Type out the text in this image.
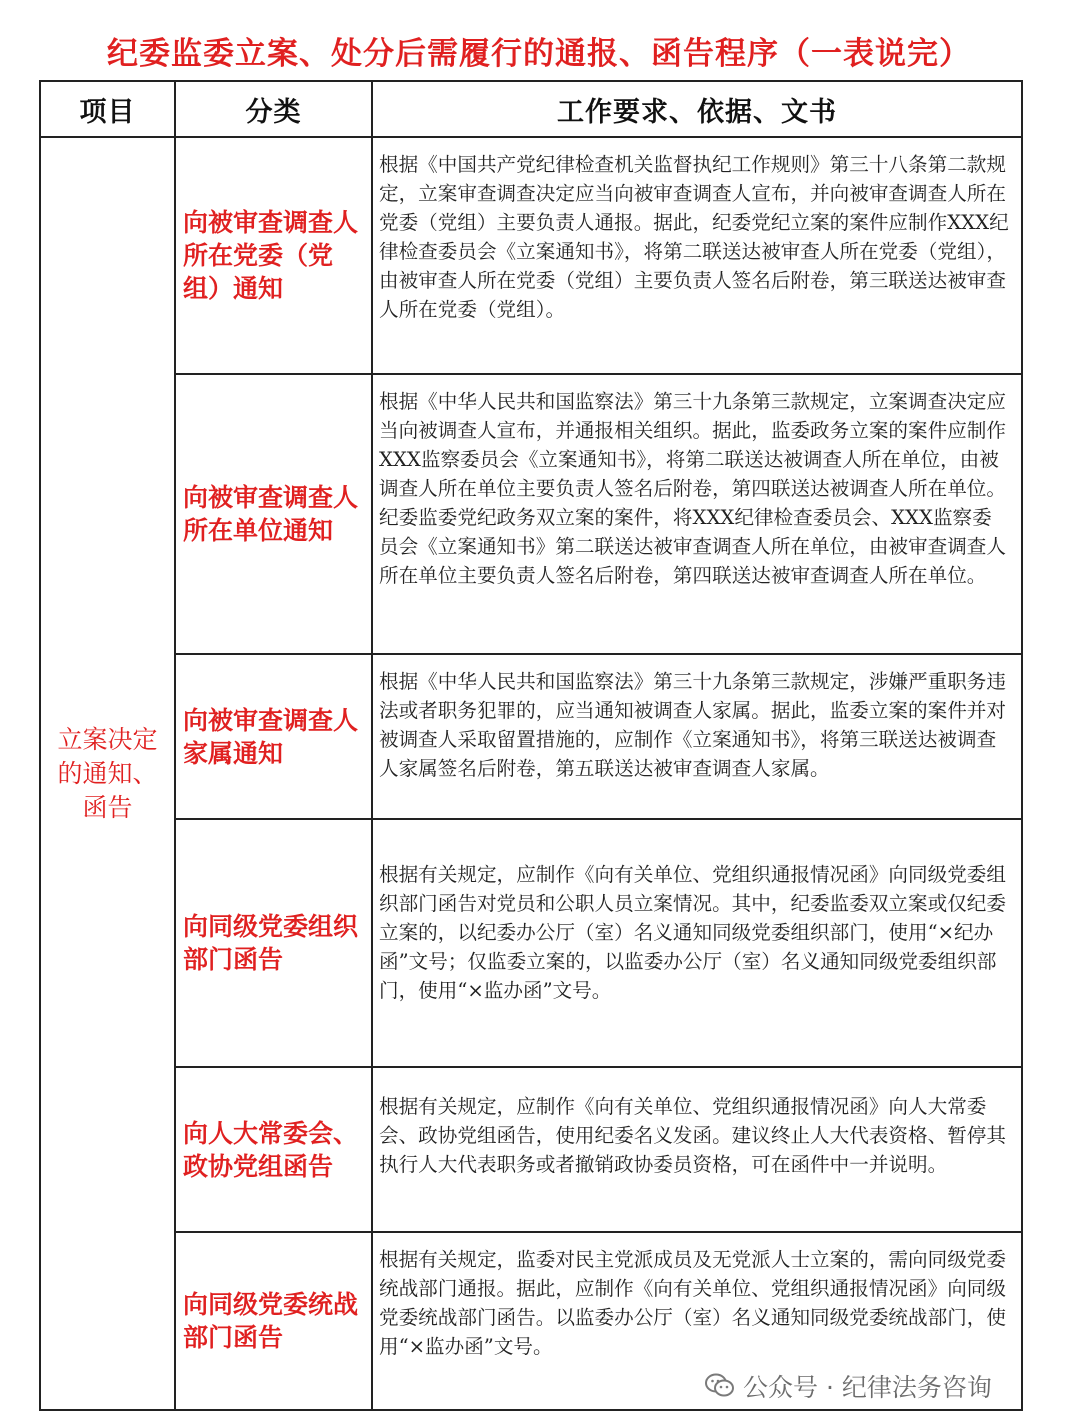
纪委监委立案、处分后需履行的通报、函告程序（一表说完）
项目	分类	工作要求、依据、文书
立案决定的通知、函告	向被审查调查人所在党委（党组）通知	根据《中国共产党纪律检查机关监督执纪工作规则》第三十八条第二款规定，立案审查调查决定应当向被审查调查人宣布，并向被审查调查人所在党委（党组）主要负责人通报。据此，纪委党纪立案的案件应制作XXX纪律检查委员会《立案通知书》，将第二联送达被审查人所在党委（党组），由被审查人所在党委（党组）主要负责人签名后附卷，第三联送达被审查人所在党委（党组）。

	向被审查调查人所在单位通知	根据《中华人民共和国监察法》第三十九条第三款规定，立案调查决定应当向被调查人宣布，并通报相关组织。据此，监委政务立案的案件应制作XXX监察委员会《立案通知书》，将第二联送达被调查人所在单位，由被调查人所在单位主要负责人签名后附卷，第四联送达被调查人所在单位。纪委监委党纪政务双立案的案件，将XXX纪律检查委员会、XXX监察委员会《立案通知书》第二联送达被审查调查人所在单位，由被审查调查人所在单位主要负责人签名后附卷，第四联送达被审查调查人所在单位。

	向被审查调查人家属通知	根据《中华人民共和国监察法》第三十九条第三款规定，涉嫌严重职务违法或者职务犯罪的，应当通知被调查人家属。据此，监委立案的案件并对被调查人采取留置措施的，应制作《立案通知书》，将第三联送达被调查人家属签名后附卷，第五联送达被审查调查人家属。

	向同级党委组织部门函告	根据有关规定，应制作《向有关单位、党组织通报情况函》向同级党委组织部门函告对党员和公职人员立案情况。其中，纪委监委双立案或仅纪委立案的，以纪委办公厅（室）名义通知同级党委组织部门，使用“×纪办函”文号；仅监委立案的，以监委办公厅（室）名义通知同级党委组织部门，使用“×监办函”文号。

	向人大常委会、政协党组函告	根据有关规定，应制作《向有关单位、党组织通报情况函》向人大常委会、政协党组函告，使用纪委名义发函。建议终止人大代表资格、暂停其执行人大代表职务或者撤销政协委员资格，可在函件中一并说明。

	向同级党委统战部门函告	根据有关规定，监委对民主党派成员及无党派人士立案的，需向同级党委统战部门通报。据此，应制作《向有关单位、党组织通报情况函》向同级党委统战部门函告。以监委办公厅（室）名义通知同级党委统战部门，使用“×监办函”文号。
公众号 · 纪律法务咨询
